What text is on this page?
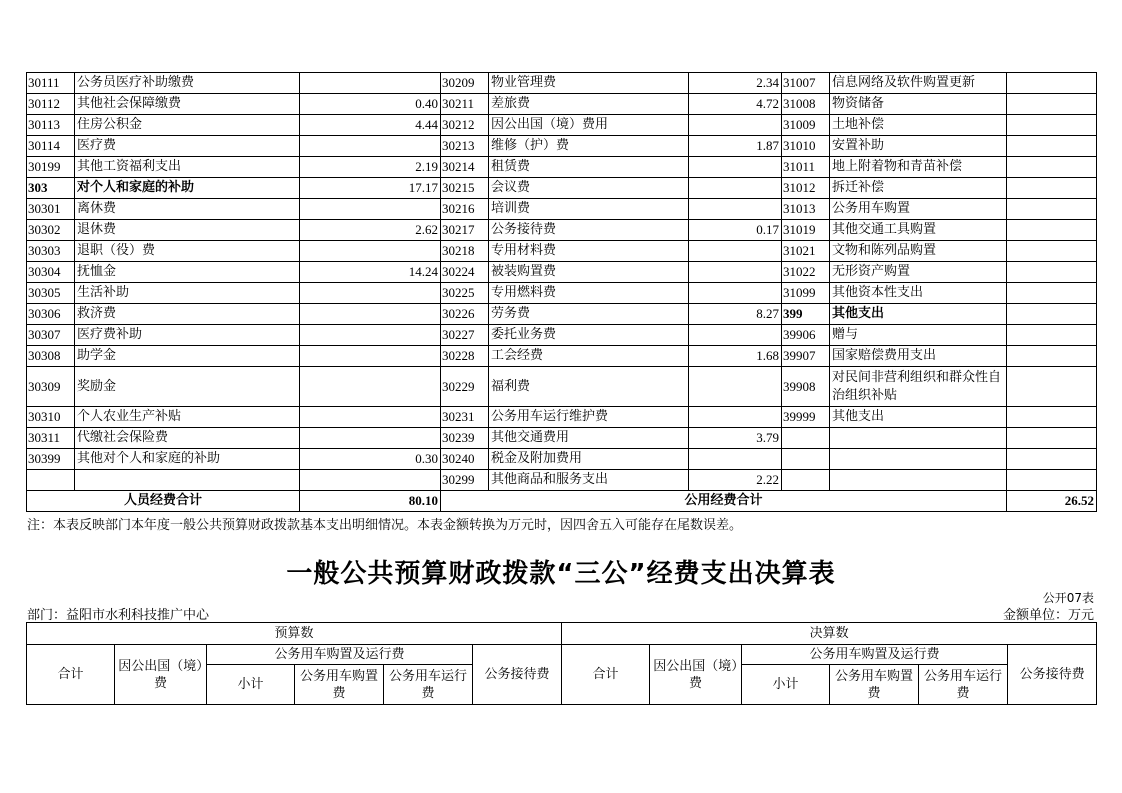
30111	公务员医疗补助缴费		30209	物业管理费	2.34	31007	信息网络及软件购置更新	
30112	其他社会保障缴费	0.40	30211	差旅费	4.72	31008	物资储备	
30113	住房公积金	4.44	30212	因公出国（境）费用		31009	土地补偿	
30114	医疗费		30213	维修（护）费	1.87	31010	安置补助	
30199	其他工资福利支出	2.19	30214	租赁费		31011	地上附着物和青苗补偿	
303	对个人和家庭的补助	17.17	30215	会议费		31012	拆迁补偿	
30301	离休费		30216	培训费		31013	公务用车购置	
30302	退休费	2.62	30217	公务接待费	0.17	31019	其他交通工具购置	
30303	退职（役）费		30218	专用材料费		31021	文物和陈列品购置	
30304	抚恤金	14.24	30224	被装购置费		31022	无形资产购置	
30305	生活补助		30225	专用燃料费		31099	其他资本性支出	
30306	救济费		30226	劳务费	8.27	399	其他支出	
30307	医疗费补助		30227	委托业务费		39906	赠与	
30308	助学金		30228	工会经费	1.68	39907	国家赔偿费用支出	
30309	奖励金		30229	福利费		39908	对民间非营利组织和群众性自治组织补贴	
30310	个人农业生产补贴		30231	公务用车运行维护费		39999	其他支出	
30311	代缴社会保险费		30239	其他交通费用	3.79			
30399	其他对个人和家庭的补助	0.30	30240	税金及附加费用				
			30299	其他商品和服务支出	2.22			
人员经费合计		80.10	公用经费合计					26.52
注：本表反映部门本年度一般公共预算财政拨款基本支出明细情况。本表金额转换为万元时，因四舍五入可能存在尾数误差。
一般公共预算财政拨款“三公”经费支出决算表
公开07表
部门：益阳市水利科技推广中心	金额单位：万元
预算数						决算数					
合计	因公出国（境）费	公务用车购置及运行费			公务接待费	合计	因公出国（境）费	公务用车购置及运行费			公务接待费
		小计	公务用车购置费	公务用车运行费				小计	公务用车购置费	公务用车运行费	
